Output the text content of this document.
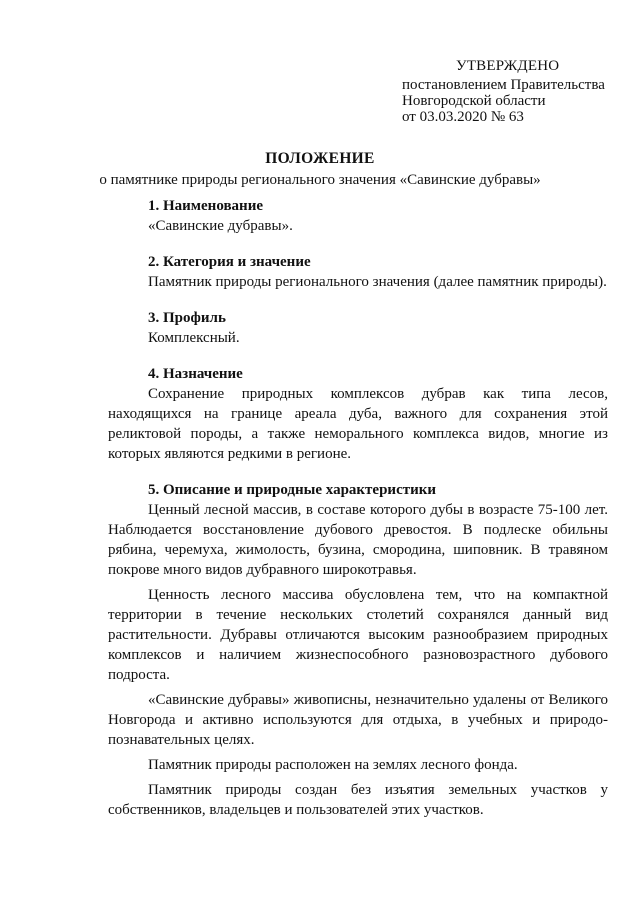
УТВЕРЖДЕНО
постановлением Правительства
Новгородской области
от 03.03.2020 № 63
ПОЛОЖЕНИЕ
о памятнике природы регионального значения «Савинские дубравы»
1. Наименование
«Савинские дубравы».
2. Категория и значение
Памятник природы регионального значения (далее памятник природы).
3. Профиль
Комплексный.
4. Назначение

Сохранение природных комплексов дубрав как типа лесов, находящихся на границе ареала дуба, важного для сохранения этой реликтовой породы, а также неморального комплекса видов, многие из которых являются редкими в регионе.

5. Описание и природные характеристики

Ценный лесной массив, в составе которого дубы в возрасте 75-100 лет. Наблюдается восстановление дубового древостоя. В подлеске обильны рябина, черемуха, жимолость, бузина, смородина, шиповник. В травяном покрове много видов дубравного широкотравья.

Ценность лесного массива обусловлена тем, что на компактной территории в течение нескольких столетий сохранялся данный вид растительности. Дубравы отличаются высоким разнообразием природных комплексов и наличием жизнеспособного разновозрастного дубового подроста.

«Савинские дубравы» живописны, незначительно удалены от Великого Новгорода и активно используются для отдыха, в учебных и природо-познавательных целях.

Памятник природы расположен на землях лесного фонда.

Памятник природы создан без изъятия земельных участков у собственников, владельцев и пользователей этих участков.
